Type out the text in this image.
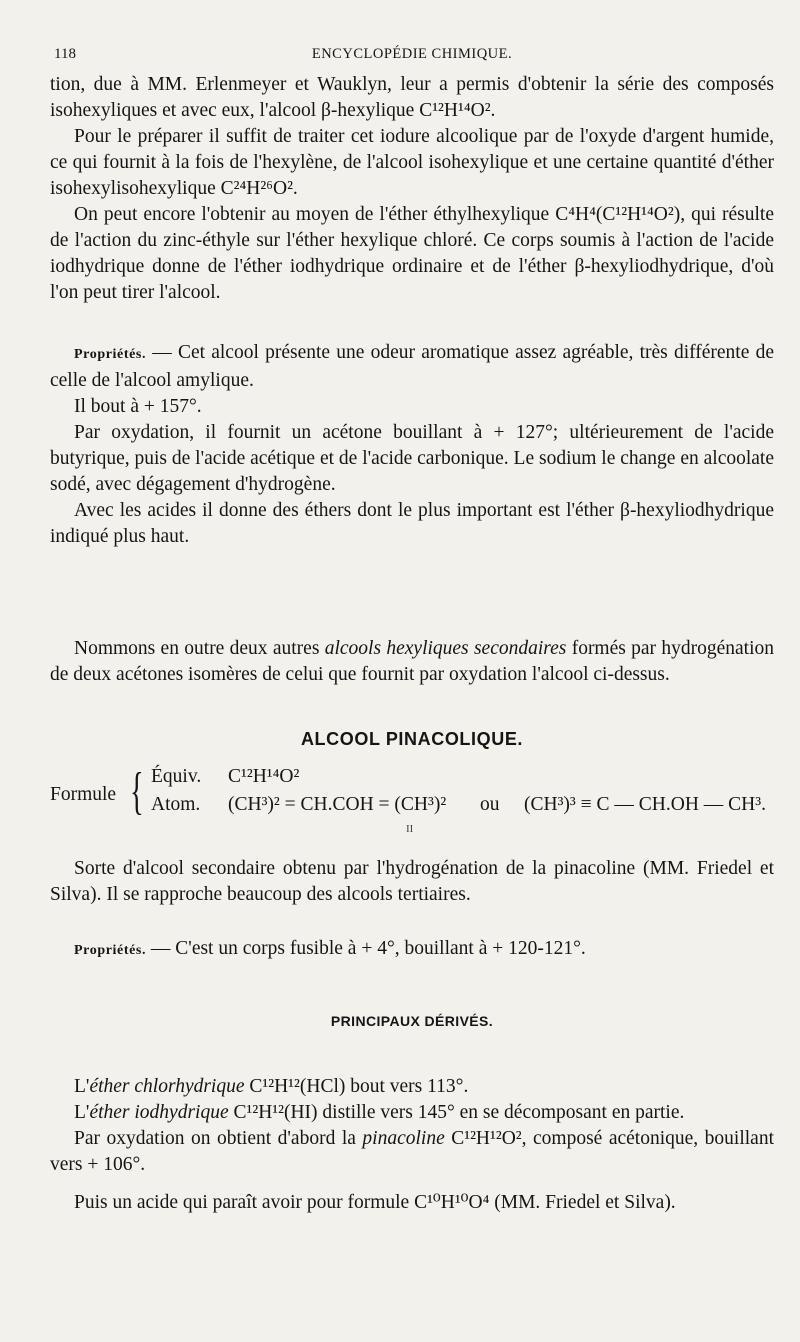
118	ENCYCLOPÉDIE CHIMIQUE.

tion, due à MM. Erlenmeyer et Wauklyn, leur a permis d'obtenir la série des composés isohexyliques et avec eux, l'alcool β-hexylique C¹²H¹⁴O².

Pour le préparer il suffit de traiter cet iodure alcoolique par de l'oxyde d'argent humide, ce qui fournit à la fois de l'hexylène, de l'alcool isohexylique et une certaine quantité d'éther isohexylisohexylique C²⁴H²⁶O².

On peut encore l'obtenir au moyen de l'éther éthylhexylique C⁴H⁴(C¹²H¹⁴O²), qui résulte de l'action du zinc-éthyle sur l'éther hexylique chloré. Ce corps soumis à l'action de l'acide iodhydrique donne de l'éther iodhydrique ordinaire et de l'éther β-hexyliodhydrique, d'où l'on peut tirer l'alcool.

Propriétés. — Cet alcool présente une odeur aromatique assez agréable, très différente de celle de l'alcool amylique.

Il bout à + 157°.

Par oxydation, il fournit un acétone bouillant à + 127°; ultérieurement de l'acide butyrique, puis de l'acide acétique et de l'acide carbonique. Le sodium le change en alcoolate sodé, avec dégagement d'hydrogène.

Avec les acides il donne des éthers dont le plus important est l'éther β-hexyliodhydrique indiqué plus haut.

Nommons en outre deux autres alcools hexyliques secondaires formés par hydrogénation de deux acétones isomères de celui que fournit par oxydation l'alcool ci-dessus.

ALCOOL PINACOLIQUE.
Formule { Équiv. C¹²H¹⁴O²
Atom. (CH³)² = CH.COH = (CH³)² ou (CH³)³ ≡ C — CH.OH — CH³.
II

Sorte d'alcool secondaire obtenu par l'hydrogénation de la pinacoline (MM. Friedel et Silva). Il se rapproche beaucoup des alcools tertiaires.

Propriétés. — C'est un corps fusible à + 4°, bouillant à + 120-121°.

PRINCIPAUX DÉRIVÉS.

L'éther chlorhydrique C¹²H¹²(HCl) bout vers 113°.

L'éther iodhydrique C¹²H¹²(HI) distille vers 145° en se décomposant en partie.

Par oxydation on obtient d'abord la pinacoline C¹²H¹²O², composé acétonique, bouillant vers + 106°.

Puis un acide qui paraît avoir pour formule C¹⁰H¹⁰O⁴ (MM. Friedel et Silva).
